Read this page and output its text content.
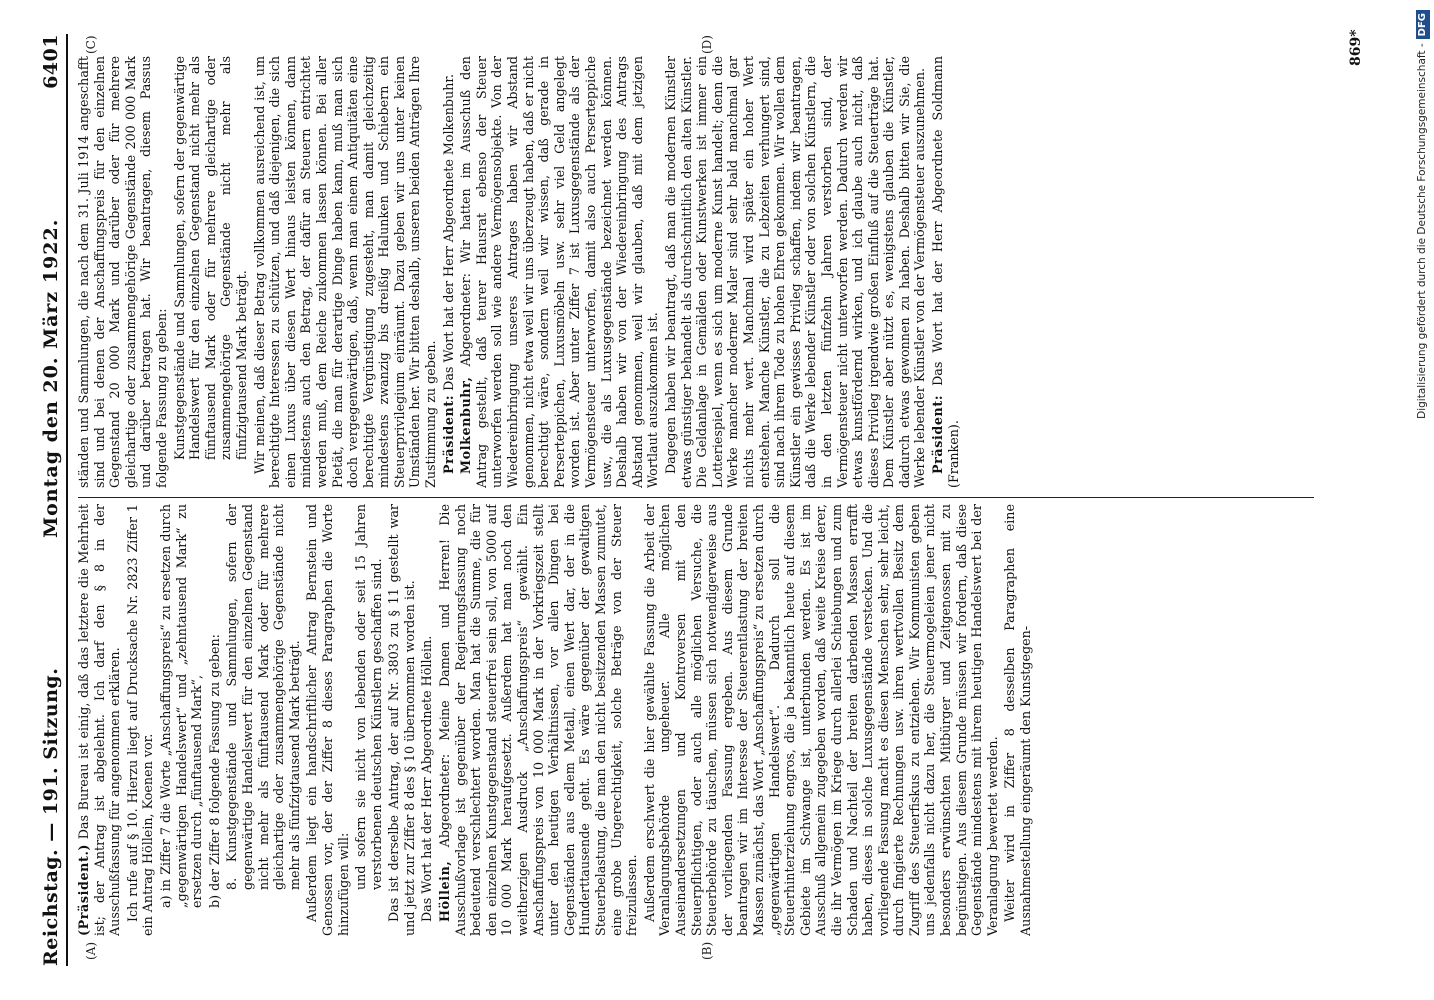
Reichstag. — 191. Sitzung.
Montag den 20. März 1922.
6401
(A)	(B)
(C)	(D)

(Präsident.) Das Bureau ist einig, daß das letztere die Mehrheit ist; der Antrag ist abgelehnt. Ich darf den § 8 in der Ausschußfassung für angenommen erklären. Ich rufe auf § 10. Hierzu liegt auf Drucksache Nr. 2823 Ziffer 1 ein Antrag Höllein, Koenen vor. a) in Ziffer 7 die Worte „Anschaffungspreis“ zu ersetzen durch „gegenwärtigen Handelswert“ und „zehntausend Mark“ zu ersetzen durch „fünftausend Mark“, b) der Ziffer 8 folgende Fassung zu geben: 8. Kunstgegenstände und Sammlungen, sofern der gegenwärtige Handelswert für den einzelnen Gegenstand nicht mehr als fünftausend Mark oder für mehrere gleichartige oder zusammengehörige Gegenstände nicht mehr als fünfzigtausend Mark beträgt. Außerdem liegt ein handschriftlicher Antrag Bernstein und Genossen vor, der der Ziffer 8 dieses Paragraphen die Worte hinzufügen will: und sofern sie nicht von lebenden oder seit 15 Jahren verstorbenen deutschen Künstlern geschaffen sind. Das ist derselbe Antrag, der auf Nr. 3803 zu § 11 gestellt war und jetzt zur Ziffer 8 des § 10 übernommen worden ist. Das Wort hat der Herr Abgeordnete Höllein. Höllein, Abgeordneter: Meine Damen und Herren! Die Ausschußvorlage ist gegenüber der Regierungsfassung noch bedeutend verschlechtert worden. Man hat die Summe, die für den einzelnen Kunstgegenstand steuerfrei sein soll, von 5000 auf 10 000 Mark heraufgesetzt. Außerdem hat man noch den weitherzigen Ausdruck „Anschaffungspreis“ gewählt. Ein Anschaffungspreis von 10 000 Mark in der Vorkriegszeit stellt unter den heutigen Verhältnissen, vor allen Dingen bei Gegenständen aus edlem Metall, einen Wert dar, der in die Hunderttausende geht. Es wäre gegenüber der gewaltigen Steuerbelastung, die man den nicht besitzenden Massen zumutet, eine grobe Ungerechtigkeit, solche Beträge von der Steuer freizulassen. Außerdem erschwert die hier gewählte Fassung die Arbeit der Veranlagungsbehörde ungeheuer. Alle möglichen Auseinandersetzungen und Kontroversen mit den Steuerpflichtigen, oder auch alle möglichen Versuche, die Steuerbehörde zu täuschen, müssen sich notwendigerweise aus der vorliegenden Fassung ergeben. Aus diesem Grunde beantragen wir im Interesse der Steuerentlastung der breiten Massen zunächst, das Wort „Anschaffungspreis“ zu ersetzen durch „gegenwärtigen Handelswert“. Dadurch soll die Steuerhinterziehung engros, die ja bekanntlich heute auf diesem Gebiete im Schwange ist, unterbunden werden. Es ist im Ausschuß allgemein zugegeben worden, daß weite Kreise derer, die ihr Vermögen im Kriege durch allerlei Schiebungen und zum Schaden und Nachteil der breiten darbenden Massen errafft haben, dieses in solche Luxusgegenstände verstecken. Und die vorliegende Fassung macht es diesen Menschen sehr, sehr leicht, durch fingierte Rechnungen usw. ihren wertvollen Besitz dem Zugriff des Steuerfiskus zu entziehen. Wir Kommunisten geben uns jedenfalls nicht dazu her, die Steuermogeleien jener nicht besonders erwünschten Mitbürger und Zeitgenossen mit zu begünstigen. Aus diesem Grunde müssen wir fordern, daß diese Gegenstände mindestens mit ihrem heutigen Handelswert bei der Veranlagung bewertet werden. Weiter wird in Ziffer 8 desselben Paragraphen eine Ausnahmestellung eingeräumt den Kunstgegen-

ständen und Sammlungen, die nach dem 31. Juli 1914 angeschafft sind und bei denen der Anschaffungspreis für den einzelnen Gegenstand 20 000 Mark und darüber oder für mehrere gleichartige oder zusammengehörige Gegenstände 200 000 Mark und darüber betragen hat. Wir beantragen, diesem Passus folgende Fassung zu geben: Kunstgegenstände und Sammlungen, sofern der gegenwärtige Handelswert für den einzelnen Gegenstand nicht mehr als fünftausend Mark oder für mehrere gleichartige oder zusammengehörige Gegenstände nicht mehr als fünfzigtausend Mark beträgt. Wir meinen, daß dieser Betrag vollkommen ausreichend ist, um berechtigte Interessen zu schützen, und daß diejenigen, die sich einen Luxus über diesen Wert hinaus leisten können, dann mindestens auch den Betrag, der dafür an Steuern entrichtet werden muß, dem Reiche zukommen lassen können. Bei aller Pietät, die man für derartige Dinge haben kann, muß man sich doch vergegenwärtigen, daß, wenn man einem Antiquitäten eine berechtigte Vergünstigung zugesteht, man damit gleichzeitig mindestens zwanzig bis dreißig Halunken und Schiebern ein Steuerprivilegium einräumt. Dazu geben wir uns unter keinen Umständen her. Wir bitten deshalb, unseren beiden Anträgen Ihre Zustimmung zu geben. Präsident: Das Wort hat der Herr Abgeordnete Molkenbuhr.

Molkenbuhr, Abgeordneter: Wir hatten im Ausschuß den Antrag gestellt, daß teurer Hausrat ebenso der Steuer unterworfen werden soll wie andere Vermögensobjekte. Von der Wiedereinbringung unseres Antrages haben wir Abstand genommen, nicht etwa weil wir uns überzeugt haben, daß er nicht berechtigt wäre, sondern weil wir wissen, daß gerade in Perserteppichen, Luxusmöbeln usw. sehr viel Geld angelegt worden ist. Aber unter Ziffer 7 ist Luxusgegenstände als der Vermögensteuer unterworfen, damit also auch Perserteppiche usw., die als Luxusgegenstände bezeichnet werden können. Deshalb haben wir von der Wiedereinbringung des Antrags Abstand genommen, weil wir glauben, daß mit dem jetzigen Wortlaut auszukommen ist. Dagegen haben wir beantragt, daß man die modernen Künstler etwas günstiger behandelt als durchschnittlich den alten Künstler. Die Geldanlage in Gemälden oder Kunstwerken ist immer ein Lotteriespiel, wenn es sich um moderne Kunst handelt; denn die Werke mancher moderner Maler sind sehr bald manchmal gar nichts mehr wert. Manchmal wird später ein hoher Wert entstehen. Manche Künstler, die zu Lebzeiten verhungert sind, sind nach ihrem Tode zu hohen Ehren gekommen. Wir wollen dem Künstler ein gewisses Privileg schaffen, indem wir beantragen, daß die Werke lebender Künstler oder von solchen Künstlern, die in den letzten fünfzehn Jahren verstorben sind, der Vermögensteuer nicht unterworfen werden. Dadurch werden wir etwas kunstfördernd wirken, und ich glaube auch nicht, daß dieses Privileg irgendwie großen Einfluß auf die Steuerträge hat. Dem Künstler aber nützt es, wenigstens glauben die Künstler, dadurch etwas gewonnen zu haben. Deshalb bitten wir Sie, die Werke lebender Künstler von der Vermögensteuer auszunehmen. Präsident: Das Wort hat der Herr Abgeordnete Soldmann (Franken).

869*	Digitalisierung gefördert durch die Deutsche Forschungsgemeinschaft -DFG
